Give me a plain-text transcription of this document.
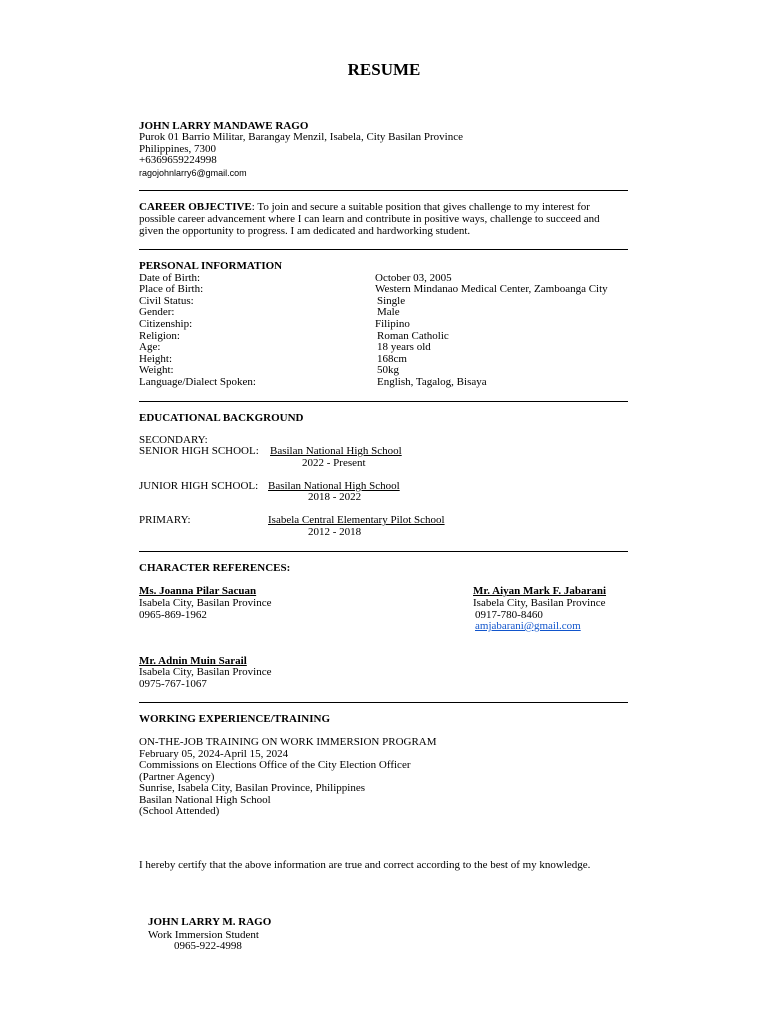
RESUME
JOHN LARRY MANDAWE RAGO
Purok 01 Barrio Militar, Barangay Menzil, Isabela, City Basilan Province
Philippines, 7300
+6369659224998
ragojohnlarry6@gmail.com
CAREER OBJECTIVE: To join and secure a suitable position that gives challenge to my interest for
possible career advancement where I can learn and contribute in positive ways, challenge to succeed and
given the opportunity to progress. I am dedicated and hardworking student.
PERSONAL INFORMATION
Date of Birth:	October 03, 2005
Place of Birth:	Western Mindanao Medical Center, Zamboanga City
Civil Status:	Single
Gender:	Male
Citizenship:	Filipino
Religion:	Roman Catholic
Age:	18 years old
Height:	168cm
Weight:	50kg
Language/Dialect Spoken:	English, Tagalog, Bisaya
EDUCATIONAL BACKGROUND
SECONDARY:
SENIOR HIGH SCHOOL: Basilan National High School
2022 - Present
JUNIOR HIGH SCHOOL: Basilan National High School
2018 - 2022
PRIMARY:	Isabela Central Elementary Pilot School
2012 - 2018
CHARACTER REFERENCES:
Ms. Joanna Pilar Sacuan
Isabela City, Basilan Province
0965-869-1962
Mr. Aiyan Mark F. Jabarani
Isabela City, Basilan Province
0917-780-8460
amjabarani@gmail.com
Mr. Adnin Muin Sarail
Isabela City, Basilan Province
0975-767-1067
WORKING EXPERIENCE/TRAINING
ON-THE-JOB TRAINING ON WORK IMMERSION PROGRAM
February 05, 2024-April 15, 2024
Commissions on Elections Office of the City Election Officer
(Partner Agency)
Sunrise, Isabela City, Basilan Province, Philippines
Basilan National High School
(School Attended)
I hereby certify that the above information are true and correct according to the best of my knowledge.
JOHN LARRY M. RAGO
Work Immersion Student
0965-922-4998
